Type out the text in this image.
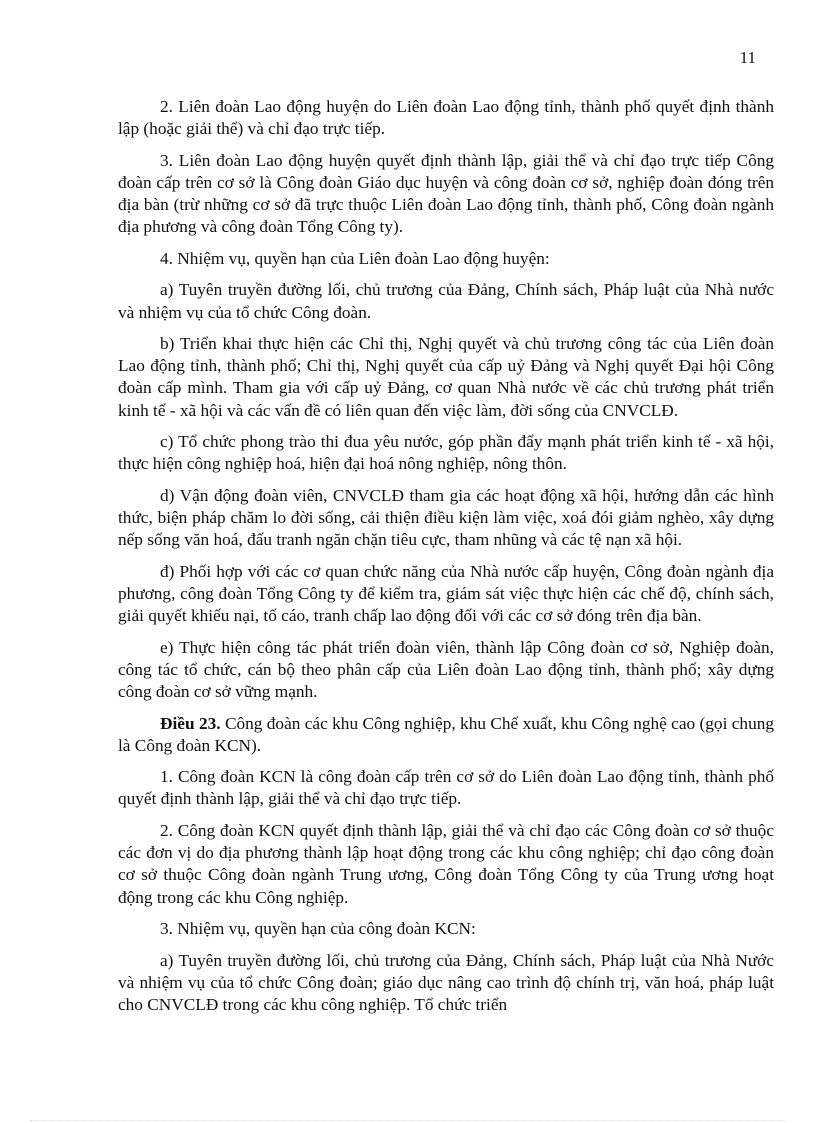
11

2. Liên đoàn Lao động huyện do Liên đoàn Lao động tỉnh, thành phố quyết định thành lập (hoặc giải thể) và chỉ đạo trực tiếp.

3. Liên đoàn Lao động huyện quyết định thành lập, giải thể và chỉ đạo trực tiếp Công đoàn cấp trên cơ sở là Công đoàn Giáo dục huyện và công đoàn cơ sở, nghiệp đoàn đóng trên địa bàn (trừ những cơ sở đã trực thuộc Liên đoàn Lao động tỉnh, thành phố, Công đoàn ngành địa phương và công đoàn Tổng Công ty).

4. Nhiệm vụ, quyền hạn của Liên đoàn Lao động huyện:

a) Tuyên truyền đường lối, chủ trương của Đảng, Chính sách, Pháp luật của Nhà nước và nhiệm vụ của tổ chức Công đoàn.

b) Triển khai thực hiện các Chỉ thị, Nghị quyết và chủ trương công tác của Liên đoàn Lao động tỉnh, thành phố; Chỉ thị, Nghị quyết của cấp uỷ Đảng và Nghị quyết Đại hội Công đoàn cấp mình. Tham gia với cấp uỷ Đảng, cơ quan Nhà nước về các chủ trương phát triển kinh tế - xã hội và các vấn đề có liên quan đến việc làm, đời sống của CNVCLĐ.

c) Tổ chức phong trào thi đua yêu nước, góp phần đẩy mạnh phát triển kinh tế - xã hội, thực hiện công nghiệp hoá, hiện đại hoá nông nghiệp, nông thôn.

d) Vận động đoàn viên, CNVCLĐ tham gia các hoạt động xã hội, hướng dẫn các hình thức, biện pháp chăm lo đời sống, cải thiện điều kiện làm việc, xoá đói giảm nghèo, xây dựng nếp sống văn hoá, đấu tranh ngăn chặn tiêu cực, tham nhũng và các tệ nạn xã hội.

đ) Phối hợp với các cơ quan chức năng của Nhà nước cấp huyện, Công đoàn ngành địa phương, công đoàn Tổng Công ty để kiểm tra, giám sát việc thực hiện các chế độ, chính sách, giải quyết khiếu nại, tố cáo, tranh chấp lao động đối với các cơ sở đóng trên địa bàn.

e) Thực hiện công tác phát triển đoàn viên, thành lập Công đoàn cơ sở, Nghiệp đoàn, công tác tổ chức, cán bộ theo phân cấp của Liên đoàn Lao động tỉnh, thành phố; xây dựng công đoàn cơ sở vững mạnh.

Điều 23. Công đoàn các khu Công nghiệp, khu Chế xuất, khu Công nghệ cao (gọi chung là Công đoàn KCN).

1. Công đoàn KCN là công đoàn cấp trên cơ sở do Liên đoàn Lao động tỉnh, thành phố quyết định thành lập, giải thể và chỉ đạo trực tiếp.

2. Công đoàn KCN quyết định thành lập, giải thể và chỉ đạo các Công đoàn cơ sở thuộc các đơn vị do địa phương thành lập hoạt động trong các khu công nghiệp; chỉ đạo công đoàn cơ sở thuộc Công đoàn ngành Trung ương, Công đoàn Tổng Công ty của Trung ương hoạt động trong các khu Công nghiệp.

3. Nhiệm vụ, quyền hạn của công đoàn KCN:

a) Tuyên truyền đường lối, chủ trương của Đảng, Chính sách, Pháp luật của Nhà Nước và nhiệm vụ của tổ chức Công đoàn; giáo dục nâng cao trình độ chính trị, văn hoá, pháp luật cho CNVCLĐ trong các khu công nghiệp. Tổ chức triển
